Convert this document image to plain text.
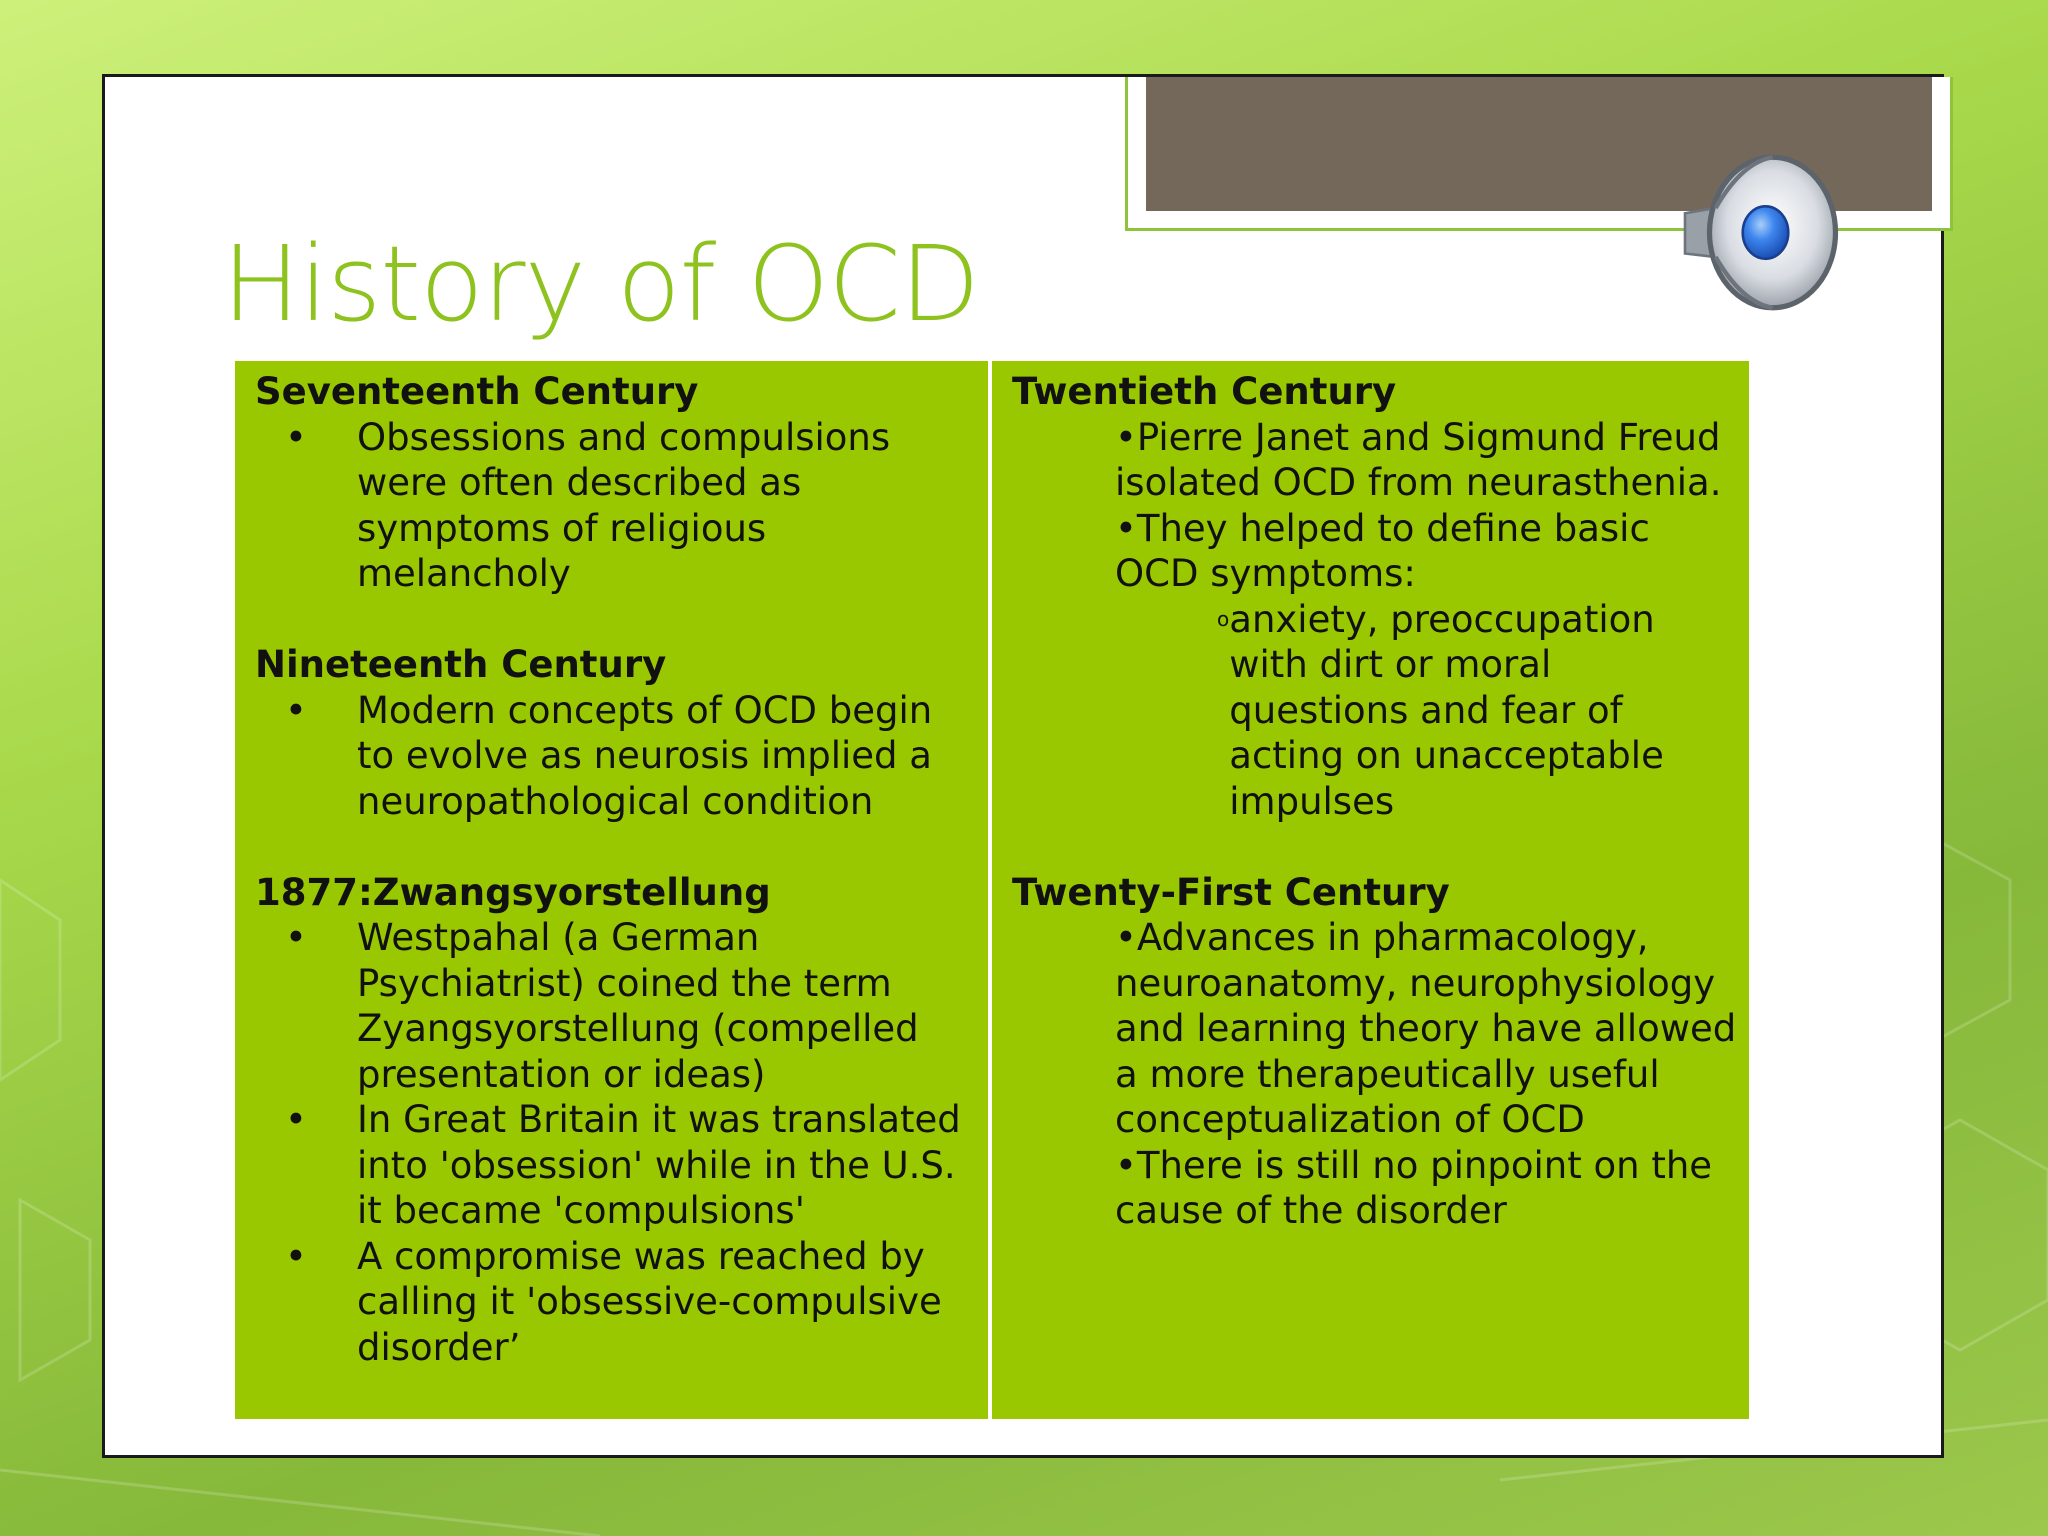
History of OCD

Seventeenth Century

•	Obsessions and compulsions were often described as symptoms of religious melancholy

Nineteenth Century

•	Modern concepts of OCD begin to evolve as neurosis implied a neuropathological condition

1877:Zwangsyorstellung

•	Westpahal (a German Psychiatrist) coined the term Zyangsyorstellung (compelled presentation or ideas)
•	In Great Britain it was translated into 'obsession' while in the U.S. it became 'compulsions'
•	A compromise was reached by calling it 'obsessive-compulsive disorder’

Twentieth Century

•Pierre Janet and Sigmund Freud isolated OCD from neurasthenia.
•They helped to define basic OCD symptoms:
o anxiety, preoccupation with dirt or moral questions and fear of acting on unacceptable impulses

Twenty-First Century

•Advances in pharmacology, neuroanatomy, neurophysiology and learning theory have allowed a more therapeutically useful conceptualization of OCD
•There is still no pinpoint on the cause of the disorder
